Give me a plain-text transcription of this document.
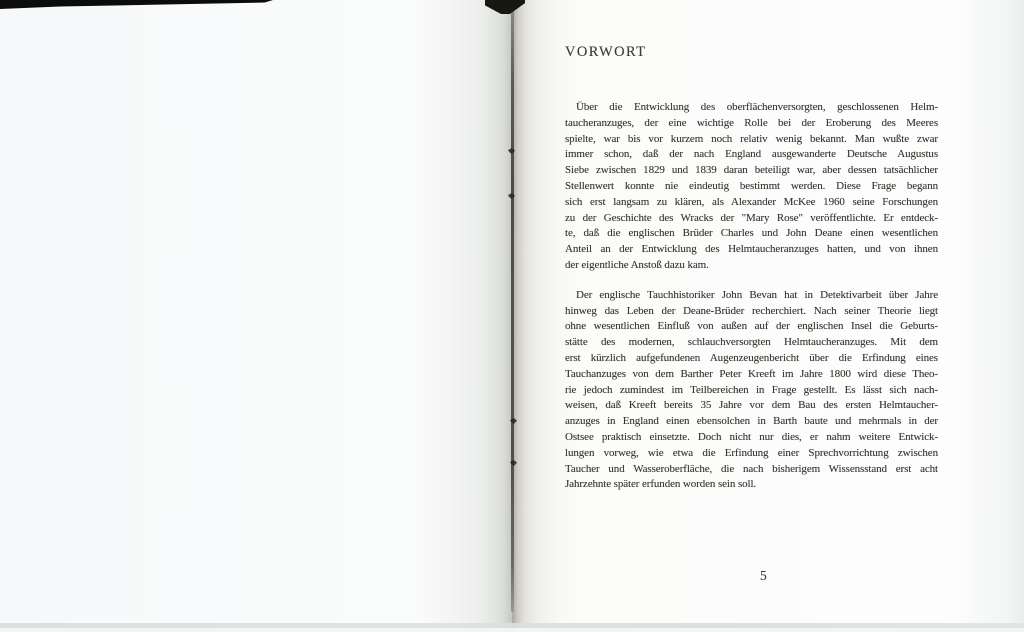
VORWORT
Über die Entwicklung des oberflächenversorgten, geschlossenen Helm-
taucheranzuges, der eine wichtige Rolle bei der Eroberung des Meeres
spielte, war bis vor kurzem noch relativ wenig bekannt. Man wußte zwar
immer schon, daß der nach England ausgewanderte Deutsche Augustus
Siebe zwischen 1829 und 1839 daran beteiligt war, aber dessen tatsächlicher
Stellenwert konnte nie eindeutig bestimmt werden. Diese Frage begann
sich erst langsam zu klären, als Alexander McKee 1960 seine Forschungen
zu der Geschichte des Wracks der "Mary Rose" veröffentlichte. Er entdeck-
te, daß die englischen Brüder Charles und John Deane einen wesentlichen
Anteil an der Entwicklung des Helmtaucheranzuges hatten, und von ihnen
der eigentliche Anstoß dazu kam.
Der englische Tauchhistoriker John Bevan hat in Detektivarbeit über Jahre
hinweg das Leben der Deane-Brüder recherchiert. Nach seiner Theorie liegt
ohne wesentlichen Einfluß von außen auf der englischen Insel die Geburts-
stätte des modernen, schlauchversorgten Helmtaucheranzuges. Mit dem
erst kürzlich aufgefundenen Augenzeugenbericht über die Erfindung eines
Tauchanzuges von dem Barther Peter Kreeft im Jahre 1800 wird diese Theo-
rie jedoch zumindest im Teilbereichen in Frage gestellt. Es lässt sich nach-
weisen, daß Kreeft bereits 35 Jahre vor dem Bau des ersten Helmtaucher-
anzuges in England einen ebensolchen in Barth baute und mehrmals in der
Ostsee praktisch einsetzte. Doch nicht nur dies, er nahm weitere Entwick-
lungen vorweg, wie etwa die Erfindung einer Sprechvorrichtung zwischen
Taucher und Wasseroberfläche, die nach bisherigem Wissensstand erst acht
Jahrzehnte später erfunden worden sein soll.
5
